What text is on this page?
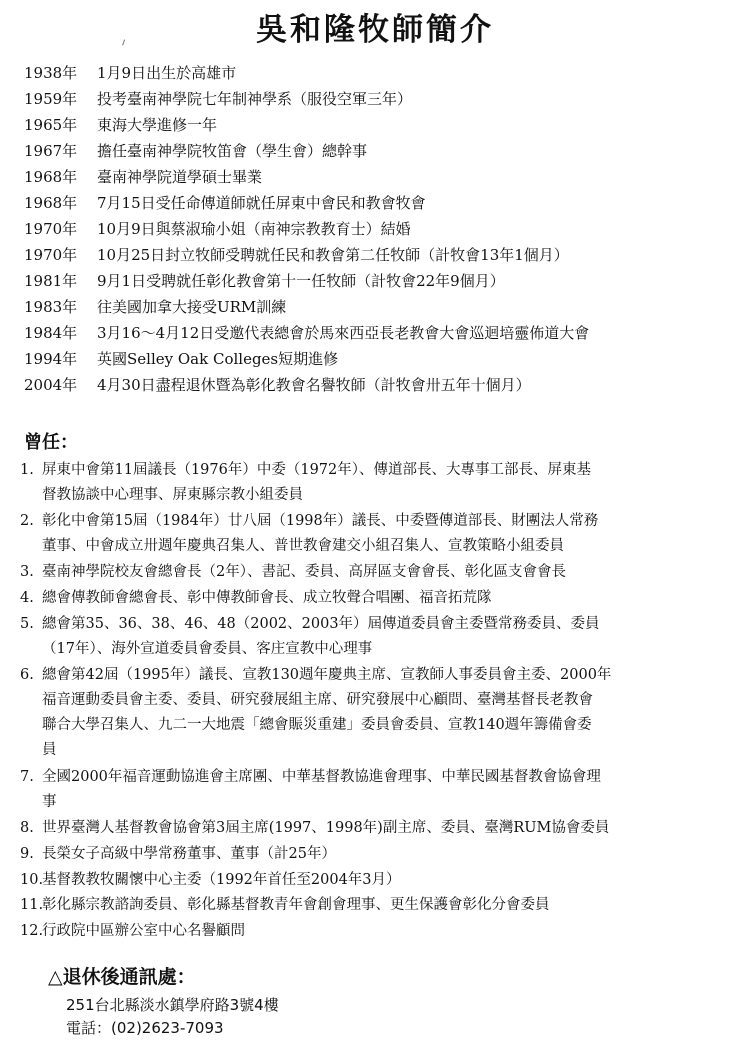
吳和隆牧師簡介
1938年 1月9日出生於高雄市
1959年 投考臺南神學院七年制神學系（服役空軍三年）
1965年 東海大學進修一年
1967年 擔任臺南神學院牧笛會（學生會）總幹事
1968年 臺南神學院道學碩士畢業
1968年 7月15日受任命傳道師就任屏東中會民和教會牧會
1970年 10月9日與蔡淑瑜小姐（南神宗教教育士）結婚
1970年 10月25日封立牧師受聘就任民和教會第二任牧師（計牧會13年1個月）
1981年 9月1日受聘就任彰化教會第十一任牧師（計牧會22年9個月）
1983年 往美國加拿大接受URM訓練
1984年 3月16～4月12日受邀代表總會於馬來西亞長老教會大會巡迴培靈佈道大會
1994年 英國Selley Oak Colleges短期進修
2004年 4月30日盡程退休暨為彰化教會名譽牧師（計牧會卅五年十個月）
曾任：
1. 屏東中會第11屆議長（1976年）中委（1972年）、傳道部長、大專事工部長、屏東基
督教協談中心理事、屏東縣宗教小組委員
2. 彰化中會第15屆（1984年）廿八屆（1998年）議長、中委暨傳道部長、財團法人常務
董事、中會成立卅週年慶典召集人、普世教會建交小組召集人、宣教策略小組委員
3. 臺南神學院校友會總會長（2年）、書記、委員、高屏區支會會長、彰化區支會會長
4. 總會傳教師會總會長、彰中傳教師會長、成立牧聲合唱團、福音拓荒隊
5. 總會第35、36、38、46、48（2002、2003年）屆傳道委員會主委暨常務委員、委員
（17年）、海外宣道委員會委員、客庄宣教中心理事
6. 總會第42屆（1995年）議長、宣教130週年慶典主席、宣教師人事委員會主委、2000年
福音運動委員會主委、委員、研究發展組主席、研究發展中心顧問、臺灣基督長老教會
聯合大學召集人、九二一大地震「總會賑災重建」委員會委員、宣教140週年籌備會委
員
7. 全國2000年福音運動協進會主席團、中華基督教協進會理事、中華民國基督教會協會理
事
8. 世界臺灣人基督教會協會第3屆主席(1997、1998年)副主席、委員、臺灣RUM協會委員
9. 長榮女子高級中學常務董事、董事（計25年）
10.
基督教教牧關懷中心主委（1992年首任至2004年3月）
11.
彰化縣宗教諮詢委員、彰化縣基督教青年會創會理事、更生保護會彰化分會委員
12.
行政院中區辦公室中心名譽顧問
△退休後通訊處：
251台北縣淡水鎮學府路3號4樓
電話：(02)2623-7093
